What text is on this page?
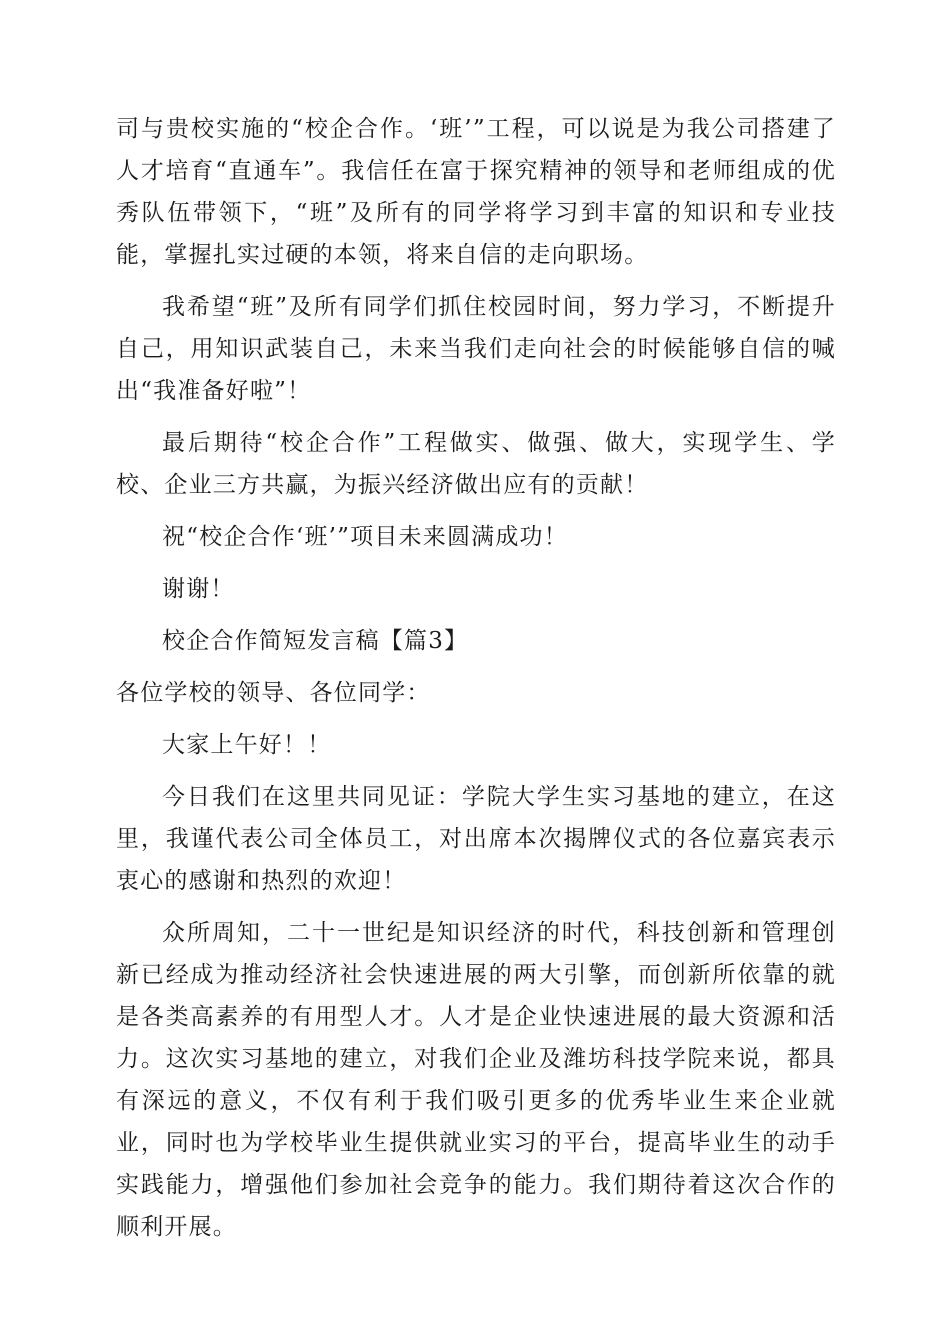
司与贵校实施的“校企合作。‘班’”工程，可以说是为我公司搭建了人才培育“直通车”。我信任在富于探究精神的领导和老师组成的优秀队伍带领下，“班”及所有的同学将学习到丰富的知识和专业技能，掌握扎实过硬的本领，将来自信的走向职场。

我希望“班”及所有同学们抓住校园时间，努力学习，不断提升自己，用知识武装自己，未来当我们走向社会的时候能够自信的喊出“我准备好啦”！

最后期待“校企合作”工程做实、做强、做大，实现学生、学校、企业三方共赢，为振兴经济做出应有的贡献！

祝“校企合作‘班’”项目未来圆满成功！

谢谢！

校企合作简短发言稿【篇3】

各位学校的领导、各位同学：

大家上午好！！

今日我们在这里共同见证：学院大学生实习基地的建立，在这里，我谨代表公司全体员工，对出席本次揭牌仪式的各位嘉宾表示衷心的感谢和热烈的欢迎！

众所周知，二十一世纪是知识经济的时代，科技创新和管理创新已经成为推动经济社会快速进展的两大引擎，而创新所依靠的就是各类高素养的有用型人才。人才是企业快速进展的最大资源和活力。这次实习基地的建立，对我们企业及潍坊科技学院来说，都具有深远的意义，不仅有利于我们吸引更多的优秀毕业生来企业就业，同时也为学校毕业生提供就业实习的平台，提高毕业生的动手实践能力，增强他们参加社会竞争的能力。我们期待着这次合作的顺利开展。
